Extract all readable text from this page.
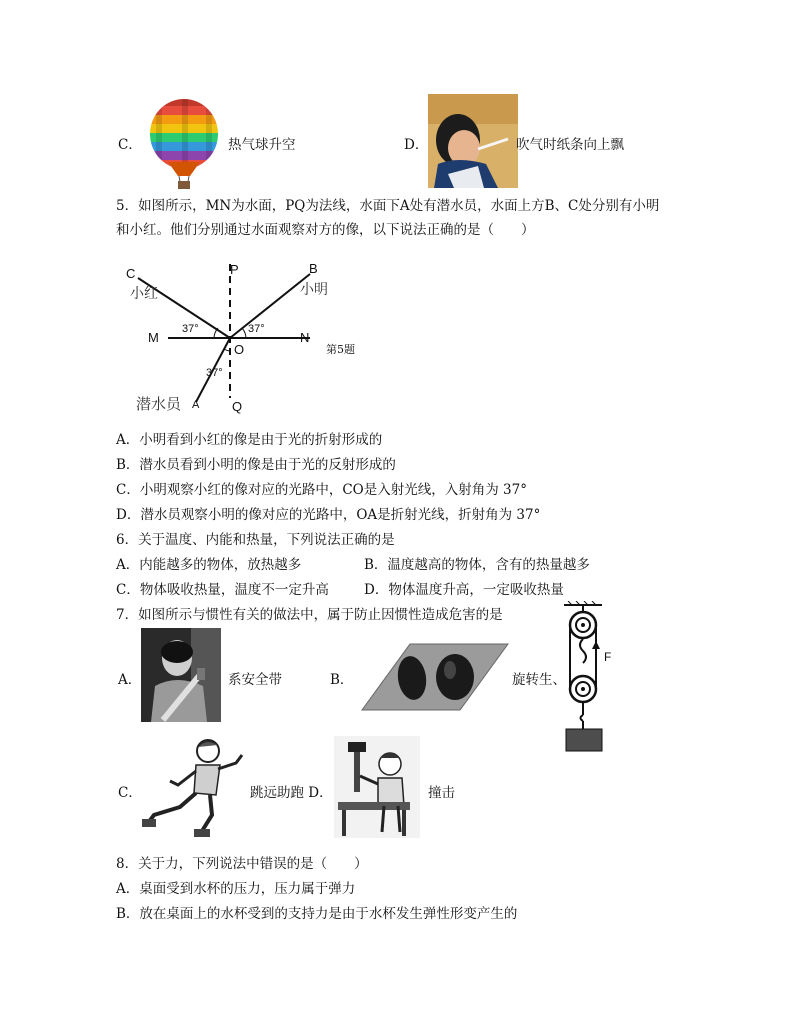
C．	热气球升空	D．	吹气时纸条向上飘
5．如图所示，MN为水面，PQ为法线，水面下A处有潜水员，水面上方B、C处分别有小明
和小红。他们分别通过水面观察对方的像，以下说法正确的是（　　）
C	P	B
M	N
O
Q
A
37°	37°
37°
小红	小明
潜水员
第5题
A．小明看到小红的像是由于光的折射形成的
B．潜水员看到小明的像是由于光的反射形成的
C．小明观察小红的像对应的光路中，CO是入射光线，入射角为 37°
D．潜水员观察小明的像对应的光路中，OA是折射光线，折射角为 37°
6．关于温度、内能和热量，下列说法正确的是
A．内能越多的物体，放热越多	B．温度越高的物体，含有的热量越多
C．物体吸收热量，温度不一定升高	D．物体温度升高，一定吸收热量
7．如图所示与惯性有关的做法中，属于防止因惯性造成危害的是
A．	系安全带	B．	旋转生、
F
C．	跳远助跑 D．	撞击
8．关于力，下列说法中错误的是（　　）
A．桌面受到水杯的压力，压力属于弹力
B．放在桌面上的水杯受到的支持力是由于水杯发生弹性形变产生的
